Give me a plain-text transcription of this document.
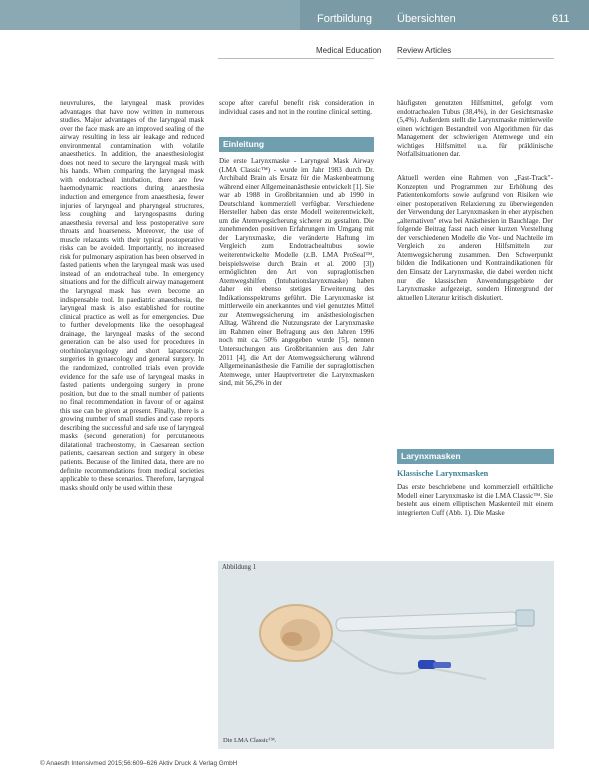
Fortbildung Übersichten	611
Medical Education Review Articles

neuvrulures, the laryngeal mask provides advantages that have now written in numerous studies. Major advantages of the laryngeal mask over the face mask are an improved sealing of the airway resulting in less air leakage and reduced environmental contamination with volatile anaesthetics. In addition, the anaesthesiologist does not need to secure the laryngeal mask with his hands. When comparing the laryngeal mask with endotracheal intubation, there are few haemodynamic reactions during anaesthesia induction and emergence from anaesthesia, fewer injuries of laryngeal and pharyngeal structures, less coughing and laryngospasms during anaesthesia reversal and less postoperative sore throats and hoarseness. Moreover, the use of muscle relaxants with their typical postoperative risks can be avoided. Importantly, no increased risk for pulmonary aspiration has been observed in fasted patients when the laryngeal mask was used instead of an endotracheal tube. In emergency situations and for the difficult airway management the laryngeal mask has even become an indispensable tool. In paediatric anaesthesia, the laryngeal mask is also established for routine clinical practice as well as for emergencies. Due to further developments like the oesophageal drainage, the laryngeal masks of the second generation can be also used for procedures in otorhinolaryngology and short laparoscopic surgeries in gynaecology and general surgery. In the randomized, controlled trials even provide evidence for the safe use of laryngeal masks in fasted patients undergoing surgery in prone position, but due to the small number of patients no final recommendation in favour of or against this use can be given at present. Finally, there is a growing number of small studies and case reports describing the successful and safe use of laryngeal masks (second generation) for percutaneous dilatational tracheostomy, in Caesarean section patients, caesarean section and surgery in obese patients. Because of the limited data, there are no definite recommendations from medical societies applicable to these scenarios. Therefore, laryngeal masks should only be used within these

scope after careful benefit risk consideration in individual cases and not in the routine clinical setting.

Einleitung

Die erste Larynxmaske - Laryngeal Mask Airway (LMA Classic™) - wurde im Jahr 1983 durch Dr. Archibald Brain als Ersatz für die Maskenbeatmung während einer Allgemeinanästhesie entwickelt [1]. Sie war ab 1988 in Großbritannien und ab 1990 in Deutschland kommerziell verfügbar. Verschiedene Hersteller haben das erste Modell weiterentwickelt, um die Atemwegsicherung sicherer zu gestalten. Die zunehmenden positiven Erfahrungen im Umgang mit der Larynxmaske, die veränderte Haftung im Vergleich zum Endotrachealtubus sowie weiterentwickelte Modelle (z.B. LMA ProSeal™, beispielsweise durch Brain et al. 2000 [3]) ermöglichten den Art von supraglottischen Atemwegshilfen (Intubationslarynxmaske) haben daher ein ebenso stetiges Erweiterung des Indikationsspektrums geführt. Die Larynxmaske ist mittlerweile ein anerkanntes und viel genutztes Mittel zur Atemwegssicherung im anästhesiologischen Alltag. Während die Nutzungsrate der Larynxmaske im Rahmen einer Befragung aus den Jahren 1996 noch mit ca. 50% angegeben wurde [5], nennen Untersuchungen aus Großbritannien aus den Jahr 2011 [4], die Art der Atemwegssicherung während Allgemeinanästhesie die Familie der supraglottischen Atemwege, unter Hauptvertreter die Larynxmasken sind, mit 56,2% in der

häufigsten genutzten Hilfsmittel, gefolgt vom endotrachealen Tubus (38,4%), in der Gesichtsmaske (5,4%). Außerdem stellt die Larynxmaske mittlerweile einen wichtigen Bestandteil von Algorithmen für das Management der schwierigen Atemwege und ein wichtiges Hilfsmittel u.a. für präklinische Notfallsituationen dar.

Aktuell werden eine Rahmen von „Fast-Track"-Konzepten und Programmen zur Erhöhung des Patientenkomforts sowie aufgrund von Risiken wie einer postoperativen Relaxierung zu überwiegenden der Verwendung der Larynxmasken in eher atypischen „alternativen" etwa bei Anästhesien in Bauchlage. Der folgende Beitrag fasst nach einer kurzen Vorstellung der verschiedenen Modelle die Vor- und Nachteile im Vergleich zu anderen Hilfsmitteln zur Atemwegsicherung zusammen. Den Schwerpunkt bilden die Indikationen und Kontraindikationen für den Einsatz der Larynxmaske, die dabei werden nicht nur die klassischen Anwendungsgebiete der Larynxmaske aufgezeigt, sondern Hintergrund der aktuellen Literatur kritisch diskutiert.

Larynxmasken
Klassische Larynxmasken

Das erste beschriebene und kommerziell erhältliche Modell einer Larynxmaske ist die LMA Classic™. Sie besteht aus einem elliptischen Maskenteil mit einem integrierten Cuff (Abb. 1). Die Maske

Abbildung 1
Die LMA Classic™.
© Anaesth Intensivmed 2015;56:609–626 Aktiv Druck & Verlag GmbH
